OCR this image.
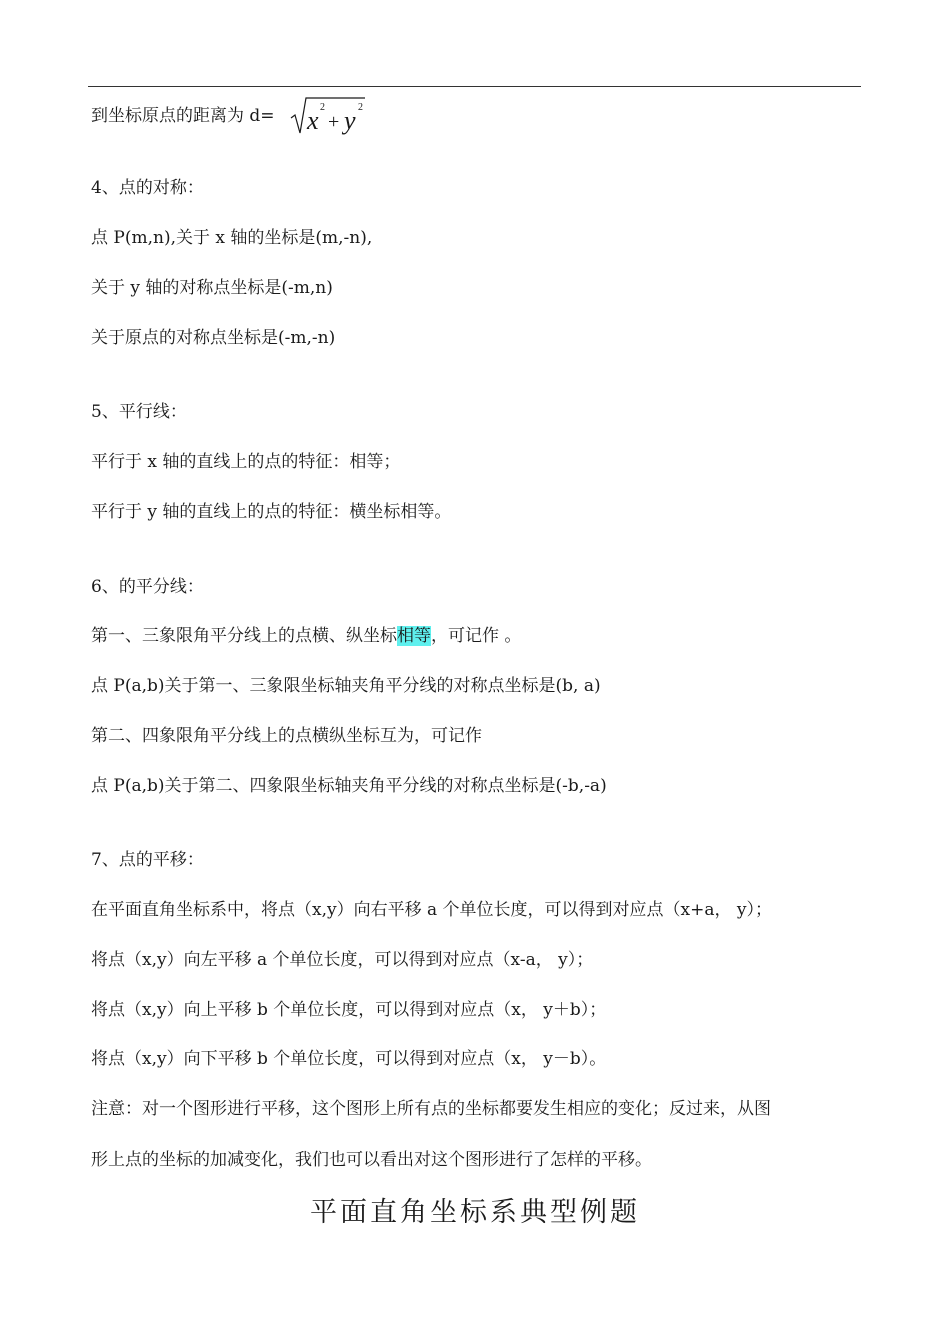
到坐标原点的距离为 d= x 2
+ y 2
4、点的对称：
点 P(m,n),关于 x 轴的坐标是(m,-n),
关于 y 轴的对称点坐标是(-m,n)
关于原点的对称点坐标是(-m,-n)
5、平行线：
平行于 x 轴的直线上的点的特征：相等；
平行于 y 轴的直线上的点的特征：横坐标相等。
6、的平分线：
第一、三象限角平分线上的点横、纵坐标相等，可记作 。
点 P(a,b)关于第一、三象限坐标轴夹角平分线的对称点坐标是(b, a)
第二、四象限角平分线上的点横纵坐标互为，可记作
点 P(a,b)关于第二、四象限坐标轴夹角平分线的对称点坐标是(-b,-a)
7、点的平移：
在平面直角坐标系中，将点（x,y）向右平移 a 个单位长度，可以得到对应点（x+a， y）；
将点（x,y）向左平移 a 个单位长度，可以得到对应点（x-a， y）；
将点（x,y）向上平移 b 个单位长度，可以得到对应点（x， y＋b）；
将点（x,y）向下平移 b 个单位长度，可以得到对应点（x， y－b）。
注意：对一个图形进行平移，这个图形上所有点的坐标都要发生相应的变化；反过来，从图
形上点的坐标的加减变化，我们也可以看出对这个图形进行了怎样的平移。
平面直角坐标系典型例题
